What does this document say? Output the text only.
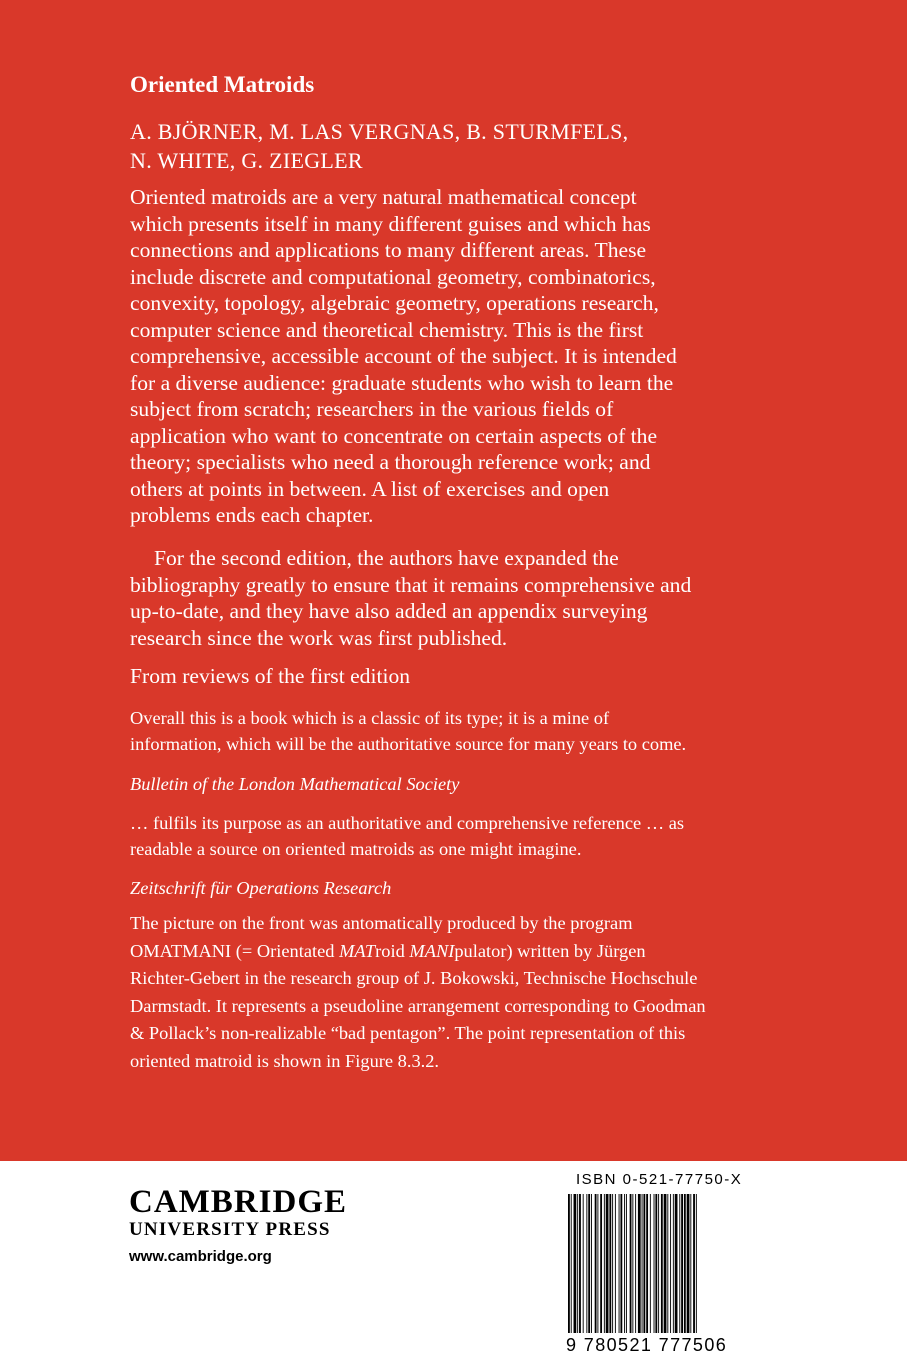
Oriented Matroids
A. BJÖRNER, M. LAS VERGNAS, B. STURMFELS,
N. WHITE, G. ZIEGLER
Oriented matroids are a very natural mathematical concept
which presents itself in many different guises and which has
connections and applications to many different areas. These
include discrete and computational geometry, combinatorics,
convexity, topology, algebraic geometry, operations research,
computer science and theoretical chemistry. This is the first
comprehensive, accessible account of the subject. It is intended
for a diverse audience: graduate students who wish to learn the
subject from scratch; researchers in the various fields of
application who want to concentrate on certain aspects of the
theory; specialists who need a thorough reference work; and
others at points in between. A list of exercises and open
problems ends each chapter.
For the second edition, the authors have expanded the
bibliography greatly to ensure that it remains comprehensive and
up-to-date, and they have also added an appendix surveying
research since the work was first published.
From reviews of the first edition
Overall this is a book which is a classic of its type; it is a mine of
information, which will be the authoritative source for many years to come.
Bulletin of the London Mathematical Society
… fulfils its purpose as an authoritative and comprehensive reference … as
readable a source on oriented matroids as one might imagine.
Zeitschrift für Operations Research
The picture on the front was antomatically produced by the program
OMATMANI (= Orientated MATroid MANIpulator) written by Jürgen
Richter-Gebert in the research group of J. Bokowski, Technische Hochschule
Darmstadt. It represents a pseudoline arrangement corresponding to Goodman
& Pollack’s non-realizable “bad pentagon”. The point representation of this
oriented matroid is shown in Figure 8.3.2.
CAMBRIDGE
UNIVERSITY PRESS
www.cambridge.org
ISBN 0-521-77750-X
9 780521 777506
